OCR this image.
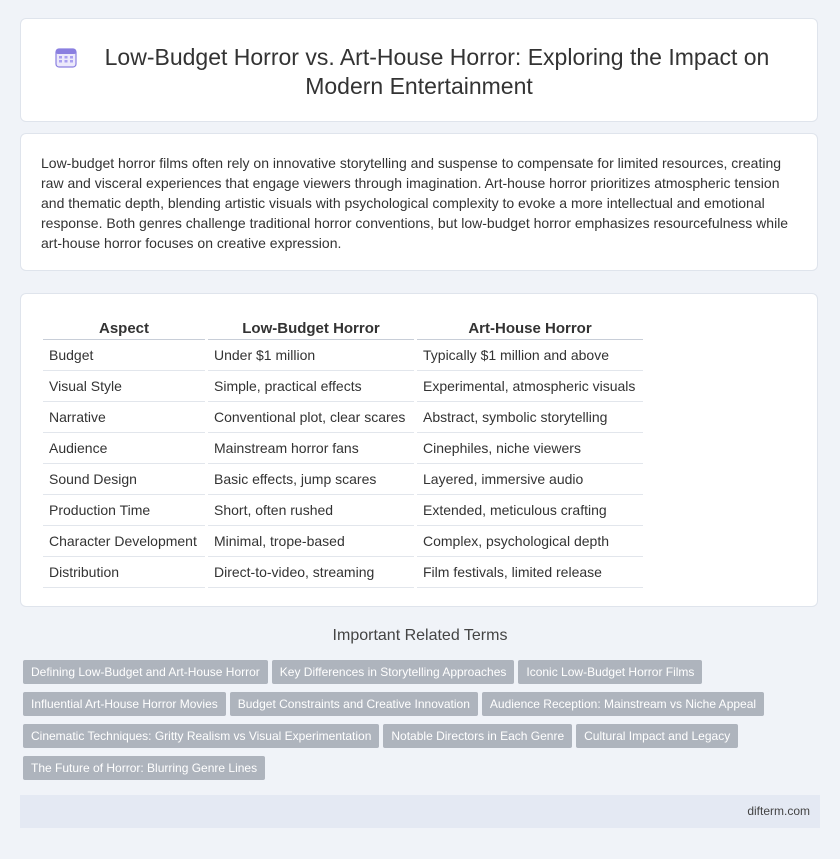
Low-Budget Horror vs. Art-House Horror: Exploring the Impact on
Modern Entertainment

Low-budget horror films often rely on innovative storytelling and suspense to compensate for limited resources, creating raw and visceral experiences that engage viewers through imagination. Art-house horror prioritizes atmospheric tension and thematic depth, blending artistic visuals with psychological complexity to evoke a more intellectual and emotional response. Both genres challenge traditional horror conventions, but low-budget horror emphasizes resourcefulness while art-house horror focuses on creative expression.

Aspect	Low-Budget Horror	Art-House Horror
Budget	Under $1 million	Typically $1 million and above
Visual Style	Simple, practical effects	Experimental, atmospheric visuals
Narrative	Conventional plot, clear scares	Abstract, symbolic storytelling
Audience	Mainstream horror fans	Cinephiles, niche viewers
Sound Design	Basic effects, jump scares	Layered, immersive audio
Production Time	Short, often rushed	Extended, meticulous crafting
Character Development	Minimal, trope-based	Complex, psychological depth
Distribution	Direct-to-video, streaming	Film festivals, limited release
Important Related Terms
Defining Low-Budget and Art-House Horror Key Differences in Storytelling Approaches Iconic Low-Budget Horror Films
Influential Art-House Horror Movies Budget Constraints and Creative Innovation Audience Reception: Mainstream vs Niche Appeal
Cinematic Techniques: Gritty Realism vs Visual Experimentation Notable Directors in Each Genre Cultural Impact and Legacy
The Future of Horror: Blurring Genre Lines
difterm.com
